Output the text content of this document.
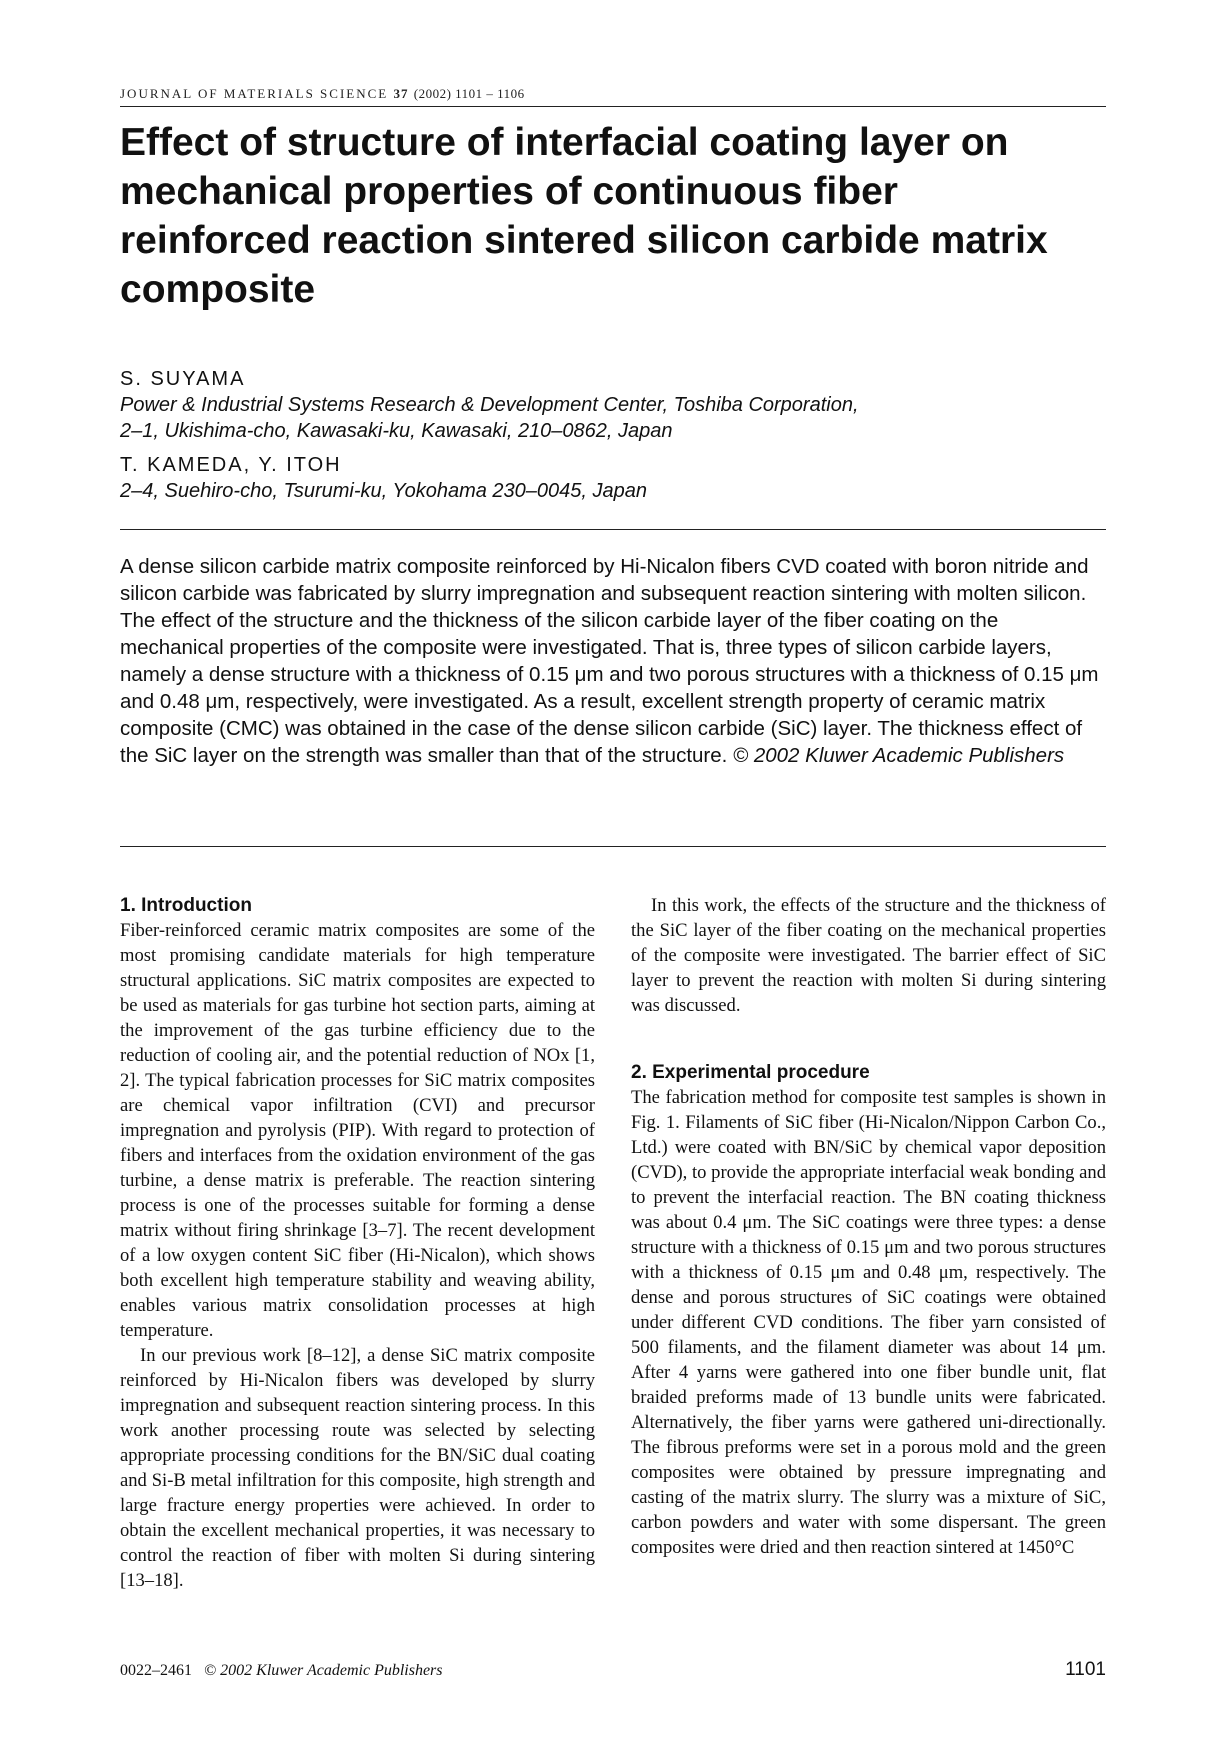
JOURNAL OF MATERIALS SCIENCE 37 (2002) 1101 – 1106
Effect of structure of interfacial coating layer on mechanical properties of continuous fiber reinforced reaction sintered silicon carbide matrix composite
S. SUYAMA
Power & Industrial Systems Research & Development Center, Toshiba Corporation,
2–1, Ukishima-cho, Kawasaki-ku, Kawasaki, 210–0862, Japan
T. KAMEDA, Y. ITOH
2–4, Suehiro-cho, Tsurumi-ku, Yokohama 230–0045, Japan

A dense silicon carbide matrix composite reinforced by Hi-Nicalon fibers CVD coated with boron nitride and silicon carbide was fabricated by slurry impregnation and subsequent reaction sintering with molten silicon. The effect of the structure and the thickness of the silicon carbide layer of the fiber coating on the mechanical properties of the composite were investigated. That is, three types of silicon carbide layers, namely a dense structure with a thickness of 0.15 μm and two porous structures with a thickness of 0.15 μm and 0.48 μm, respectively, were investigated. As a result, excellent strength property of ceramic matrix composite (CMC) was obtained in the case of the dense silicon carbide (SiC) layer. The thickness effect of the SiC layer on the strength was smaller than that of the structure. © 2002 Kluwer Academic Publishers

1. Introduction

Fiber-reinforced ceramic matrix composites are some of the most promising candidate materials for high temperature structural applications. SiC matrix composites are expected to be used as materials for gas turbine hot section parts, aiming at the improvement of the gas turbine efficiency due to the reduction of cooling air, and the potential reduction of NOx [1, 2]. The typical fabrication processes for SiC matrix composites are chemical vapor infiltration (CVI) and precursor impregnation and pyrolysis (PIP). With regard to protection of fibers and interfaces from the oxidation environment of the gas turbine, a dense matrix is preferable. The reaction sintering process is one of the processes suitable for forming a dense matrix without firing shrinkage [3–7]. The recent development of a low oxygen content SiC fiber (Hi-Nicalon), which shows both excellent high temperature stability and weaving ability, enables various matrix consolidation processes at high temperature.

In our previous work [8–12], a dense SiC matrix composite reinforced by Hi-Nicalon fibers was developed by slurry impregnation and subsequent reaction sintering process. In this work another processing route was selected by selecting appropriate processing conditions for the BN/SiC dual coating and Si-B metal infiltration for this composite, high strength and large fracture energy properties were achieved. In order to obtain the excellent mechanical properties, it was necessary to control the reaction of fiber with molten Si during sintering [13–18].

In this work, the effects of the structure and the thickness of the SiC layer of the fiber coating on the mechanical properties of the composite were investigated. The barrier effect of SiC layer to prevent the reaction with molten Si during sintering was discussed.

2. Experimental procedure

The fabrication method for composite test samples is shown in Fig. 1. Filaments of SiC fiber (Hi-Nicalon/Nippon Carbon Co., Ltd.) were coated with BN/SiC by chemical vapor deposition (CVD), to provide the appropriate interfacial weak bonding and to prevent the interfacial reaction. The BN coating thickness was about 0.4 μm. The SiC coatings were three types: a dense structure with a thickness of 0.15 μm and two porous structures with a thickness of 0.15 μm and 0.48 μm, respectively. The dense and porous structures of SiC coatings were obtained under different CVD conditions. The fiber yarn consisted of 500 filaments, and the filament diameter was about 14 μm. After 4 yarns were gathered into one fiber bundle unit, flat braided preforms made of 13 bundle units were fabricated. Alternatively, the fiber yarns were gathered uni-directionally. The fibrous preforms were set in a porous mold and the green composites were obtained by pressure impregnating and casting of the matrix slurry. The slurry was a mixture of SiC, carbon powders and water with some dispersant. The green composites were dried and then reaction sintered at 1450°C

0022–2461 © 2002 Kluwer Academic Publishers	1101
